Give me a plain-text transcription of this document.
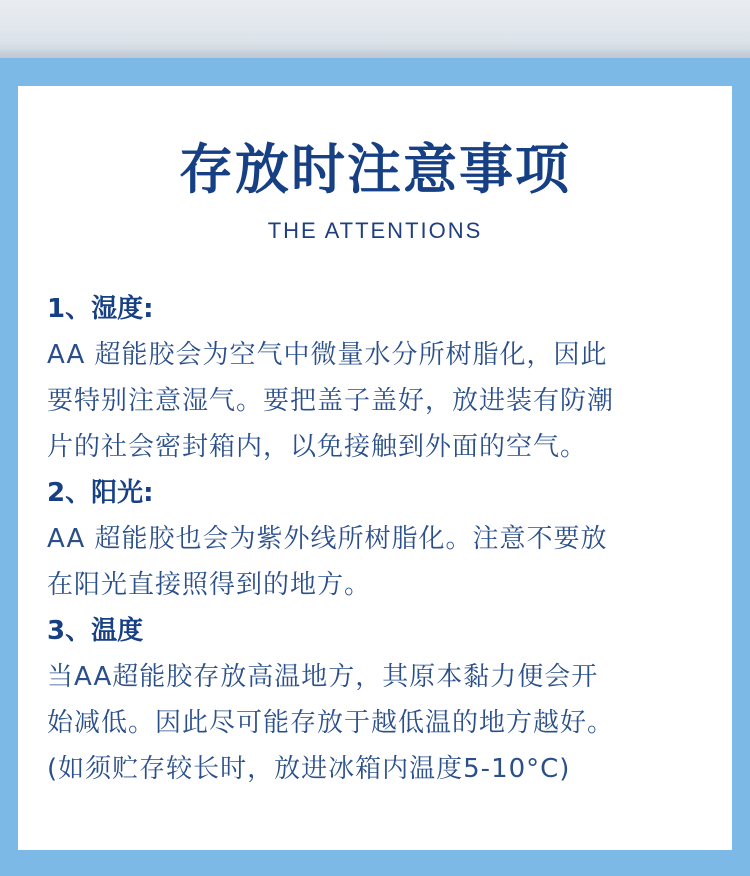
存放时注意事项
THE ATTENTIONS

1、湿度:

AA 超能胶会为空气中微量水分所树脂化，因此

要特别注意湿气。要把盖子盖好，放进装有防潮

片的社会密封箱内，以免接触到外面的空气。

2、阳光:

AA 超能胶也会为紫外线所树脂化。注意不要放

在阳光直接照得到的地方。

3、温度

当AA超能胶存放高温地方，其原本黏力便会开

始减低。因此尽可能存放于越低温的地方越好。

(如须贮存较长时，放进冰箱内温度5-10°C)
